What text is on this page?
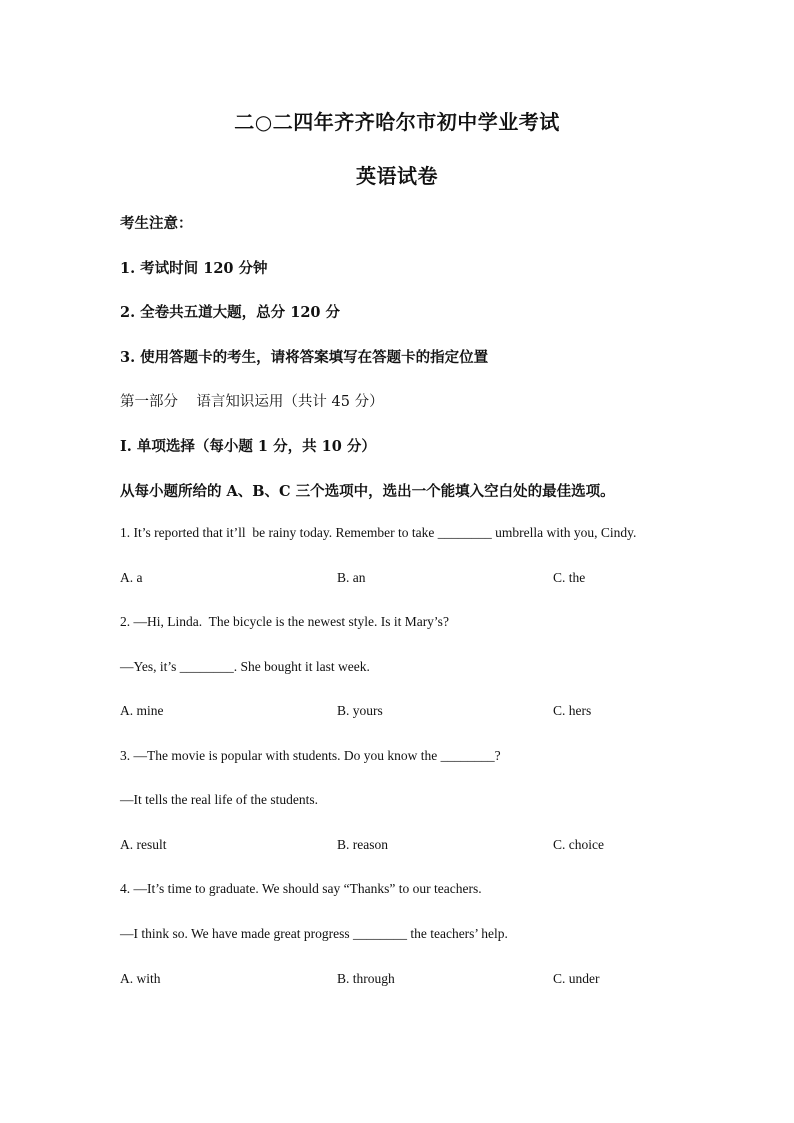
二○二四年齐齐哈尔市初中学业考试
英语试卷
考生注意：
1. 考试时间 120 分钟
2. 全卷共五道大题，总分 120 分
3. 使用答题卡的考生，请将答案填写在答题卡的指定位置
第一部分    语言知识运用（共计 45 分）
I. 单项选择（每小题 1 分，共 10 分）
从每小题所给的 A、B、C 三个选项中，选出一个能填入空白处的最佳选项。
1. It’s reported that it’ll  be rainy today. Remember to take ________ umbrella with you, Cindy.
A. a	B. an	C. the
2. —Hi, Linda.  The bicycle is the newest style. Is it Mary’s?
—Yes, it’s ________. She bought it last week.
A. mine	B. yours	C. hers
3. —The movie is popular with students. Do you know the ________?
—It tells the real life of the students.
A. result	B. reason	C. choice
4. —It’s time to graduate. We should say “Thanks” to our teachers.
—I think so. We have made great progress ________ the teachers’ help.
A. with	B. through	C. under
